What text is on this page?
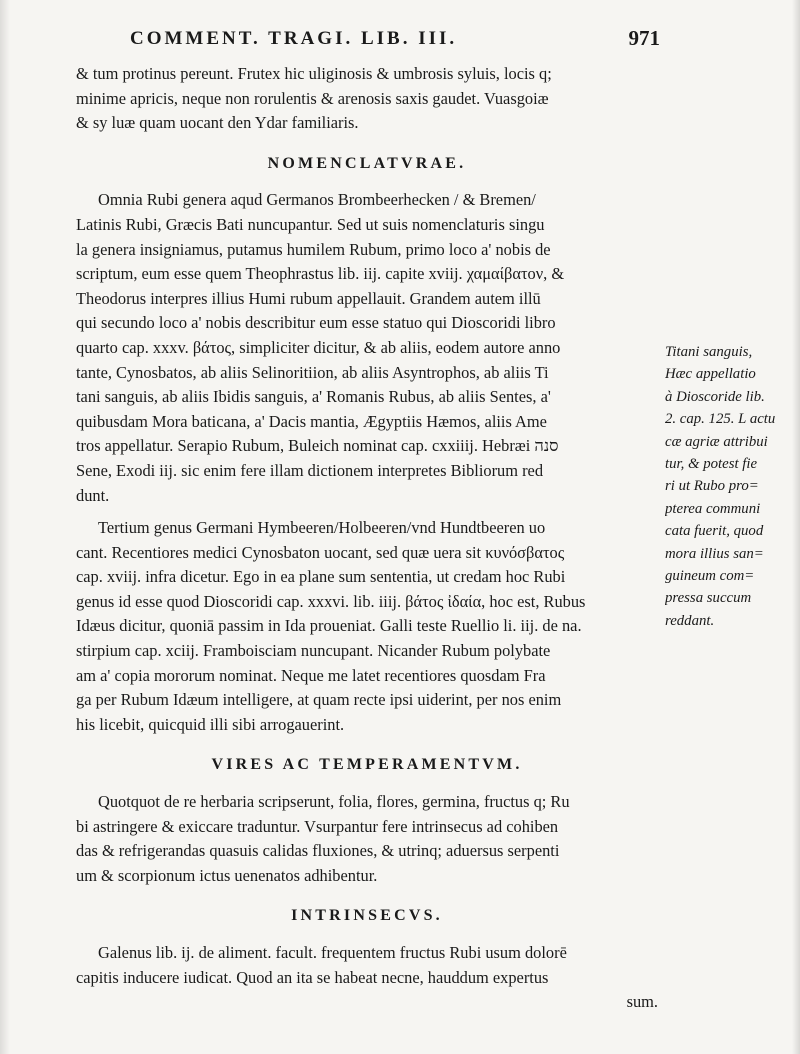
COMMENT. TRAGI. LIB. III.	971
& tum protinus pereunt. Frutex hic uliginosis & umbrosis syluis, locis q;
minime apricis, neque non rorulentis & arenosis saxis gaudet. Vuasgoiæ
& sy luæ quam uocant den Ydar familiaris.
NOMENCLATVRAE.
Omnia Rubi genera aqud Germanos Brombeerhecken / & Bremen/
Latinis Rubi, Græcis Bati nuncupantur. Sed ut suis nomenclaturis singu
la genera insigniamus, putamus humilem Rubum, primo loco a' nobis de
scriptum, eum esse quem Theophrastus lib. iij. capite xviij. χαμαίβατον, &
Theodorus interpres illius Humi rubum appellauit. Grandem autem illū
qui secundo loco a' nobis describitur eum esse statuo qui Dioscoridi libro
quarto cap. xxxv. βάτος, simpliciter dicitur, & ab aliis, eodem autore anno
tante, Cynosbatos, ab aliis Selinoritiion, ab aliis Asyntrophos, ab aliis Ti
tani sanguis, ab aliis Ibidis sanguis, a' Romanis Rubus, ab aliis Sentes, a'
quibusdam Mora baticana, a' Dacis mantia, Ægyptiis Hæmos, aliis Ame
tros appellatur. Serapio Rubum, Buleich nominat cap. cxxiiij. Hebræi סנה
Sene, Exodi iij. sic enim fere illam dictionem interpretes Bibliorum red
dunt.
Tertium genus Germani Hymbeeren/Holbeeren/vnd Hundtbeeren uo
cant. Recentiores medici Cynosbaton uocant, sed quæ uera sit κυνόσβατος
cap. xviij. infra dicetur. Ego in ea plane sum sententia, ut credam hoc Rubi
genus id esse quod Dioscoridi cap. xxxvi. lib. iiij. βάτος ἰδαία, hoc est, Rubus
Idæus dicitur, quoniā passim in Ida proueniat. Galli teste Ruellio li. iij. de na.
stirpium cap. xciij. Framboisciam nuncupant. Nicander Rubum polybate
am a' copia mororum nominat. Neque me latet recentiores quosdam Fra
ga per Rubum Idæum intelligere, at quam recte ipsi uiderint, per nos enim
his licebit, quicquid illi sibi arrogauerint.
VIRES AC TEMPERAMENTVM.
Quotquot de re herbaria scripserunt, folia, flores, germina, fructus q; Ru
bi astringere & exiccare traduntur. Vsurpantur fere intrinsecus ad cohiben
das & refrigerandas quasuis calidas fluxiones, & utrinq; aduersus serpenti
um & scorpionum ictus uenenatos adhibentur.
INTRINSECVS.
Galenus lib. ij. de aliment. facult. frequentem fructus Rubi usum dolorē
capitis inducere iudicat. Quod an ita se habeat necne, hauddum expertus
sum.
Titani sanguis,
Hæc appellatio
à Dioscoride lib.
2. cap. 125. L actu
cæ agriæ attribui
tur, & potest fie
ri ut Rubo pro=
pterea communi
cata fuerit, quod
mora illius san=
guineum com=
pressa succum
reddant.
